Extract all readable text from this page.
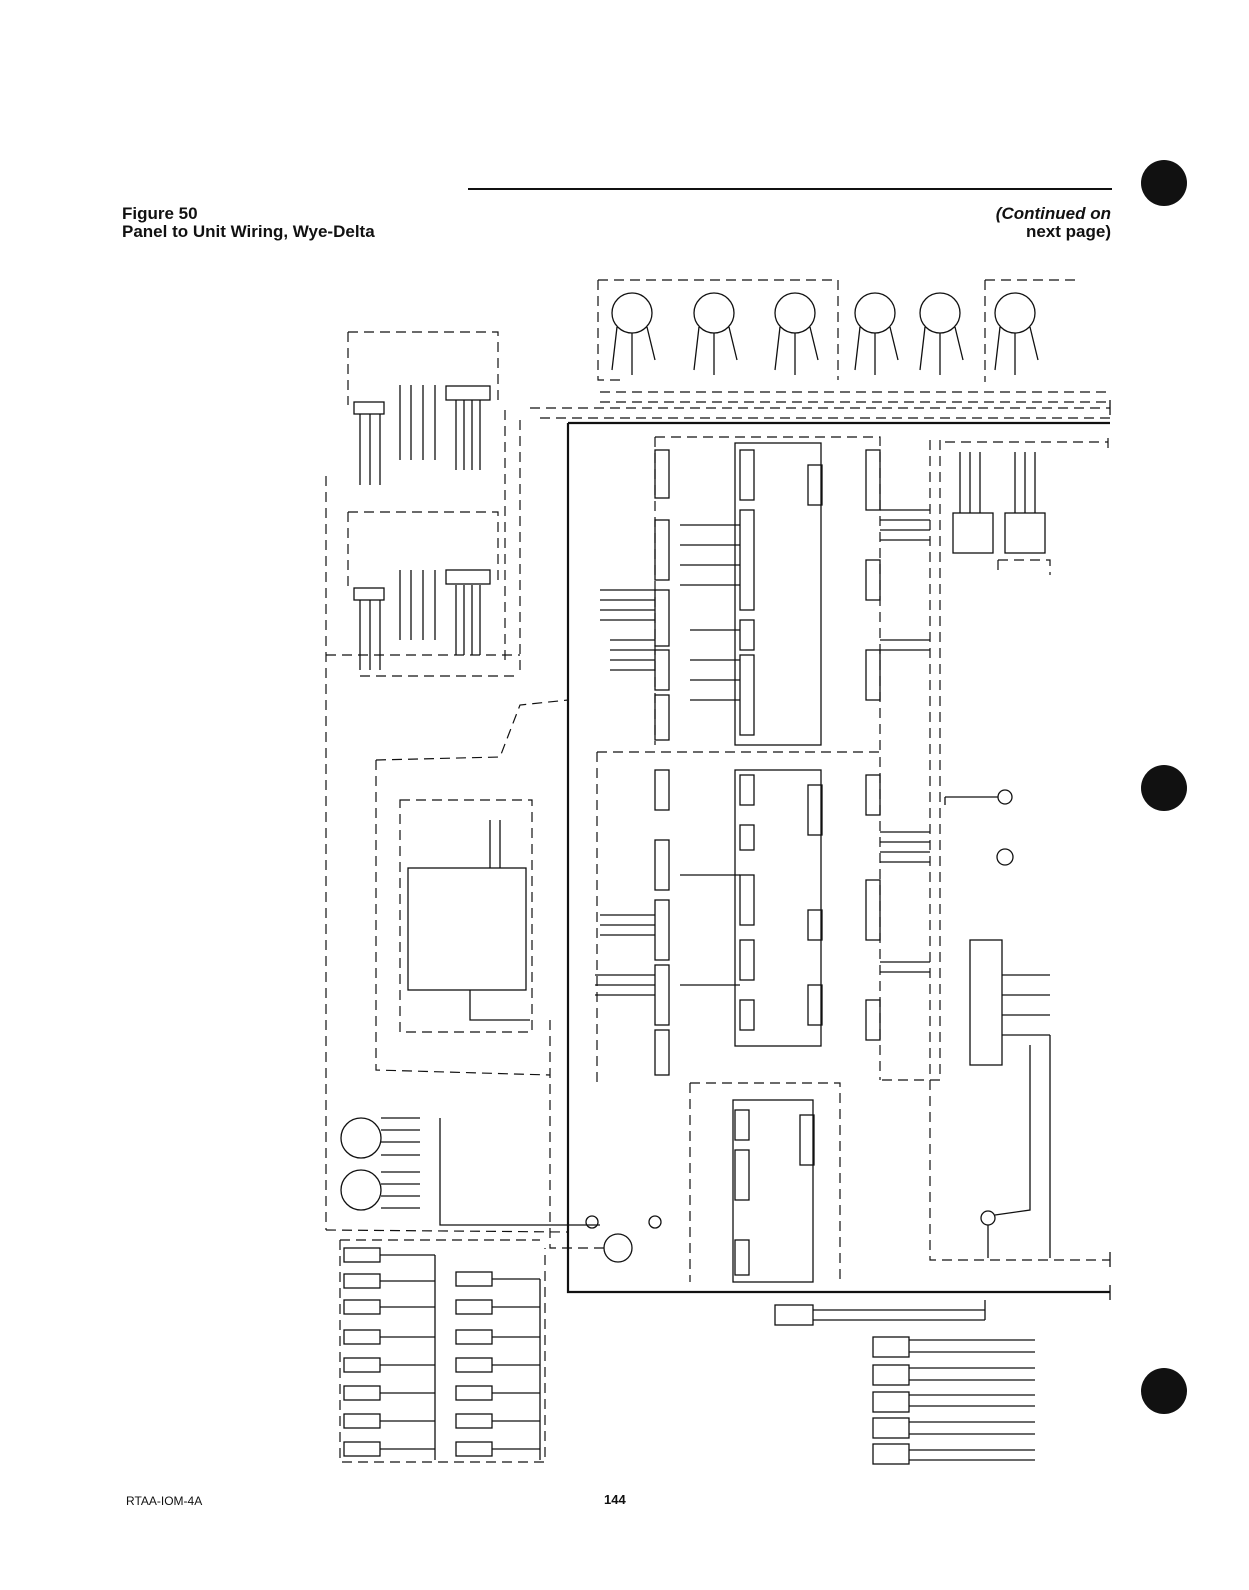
Figure 50
Panel to Unit Wiring, Wye-Delta
(Continued on
next page)
RTAA-IOM-4A	144
